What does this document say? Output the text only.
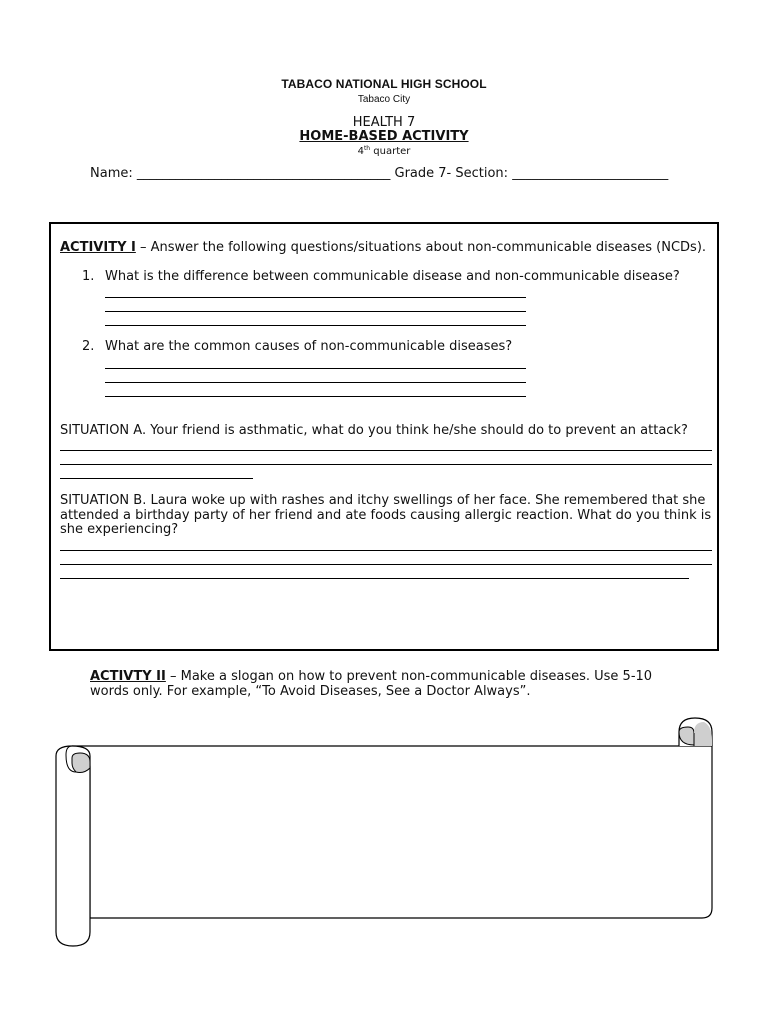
TABACO NATIONAL HIGH SCHOOL
Tabaco City
HEALTH 7
HOME-BASED ACTIVITY
4th quarter
Name: _______________________________________ Grade 7- Section: ________________________

ACTIVITY I – Answer the following questions/situations about non-communicable diseases (NCDs).

1. What is the difference between communicable disease and non-communicable disease?
2. What are the common causes of non-communicable diseases?
SITUATION A. Your friend is asthmatic, what do you think he/she should do to prevent an attack?
SITUATION B. Laura woke up with rashes and itchy swellings of her face. She remembered that she attended a birthday party of her friend and ate foods causing allergic reaction. What do you think is she experiencing?
ACTIVTY II – Make a slogan on how to prevent non-communicable diseases. Use 5-10 words only. For example, “To Avoid Diseases, See a Doctor Always”.
